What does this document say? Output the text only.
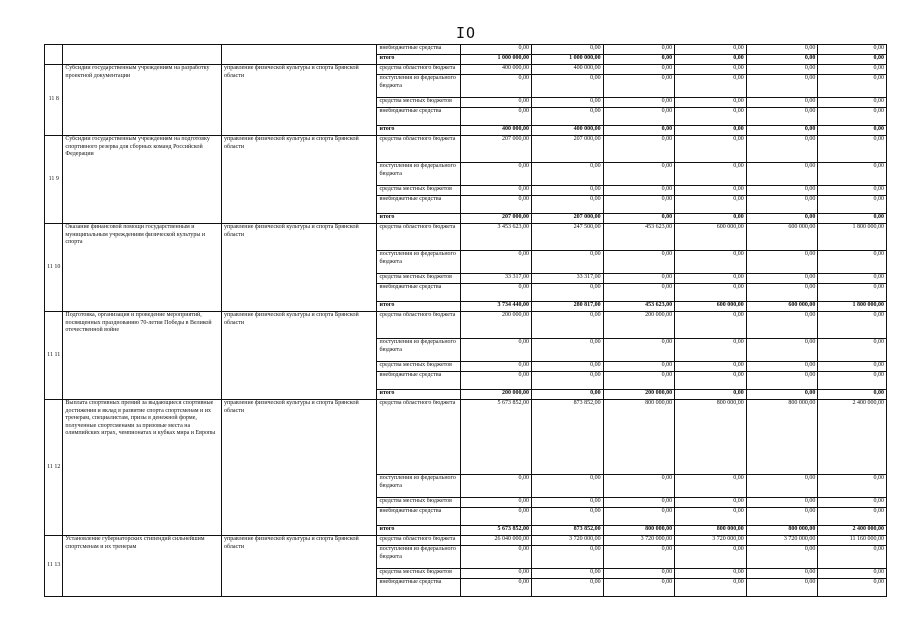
IO
			внебюджетные средства	0,00	0,00	0,00	0,00	0,00	0,00
			итого	1 000 000,00	1 000 000,00	0,00	0,00	0,00	0,00
11 8	Субсидии государственным учреждениям на разработку проектной документации	управление физической культуры и спорта Брянской области	средства областного бюджета	400 000,00	400 000,00	0,00	0,00	0,00	0,00
			поступления из федерального бюджета	0,00	0,00	0,00	0,00	0,00	0,00
			средства местных бюджетов	0,00	0,00	0,00	0,00	0,00	0,00
			внебюджетные средства	0,00	0,00	0,00	0,00	0,00	0,00
			итого	400 000,00	400 000,00	0,00	0,00	0,00	0,00
11 9	Субсидии государственным учреждениям на подготовку спортивного резерва для сборных команд Российской Федерации	управление физической культуры и спорта Брянской области	средства областного бюджета	207 000,00	207 000,00	0,00	0,00	0,00	0,00
			поступления из федерального бюджета	0,00	0,00	0,00	0,00	0,00	0,00
			средства местных бюджетов	0,00	0,00	0,00	0,00	0,00	0,00
			внебюджетные средства	0,00	0,00	0,00	0,00	0,00	0,00
			итого	207 000,00	207 000,00	0,00	0,00	0,00	0,00
11 10	Оказание финансовой помощи государственным и муниципальным учреждениям физической культуры и спорта	управление физической культуры и спорта Брянской области	средства областного бюджета	3 453 623,00	247 500,00	453 623,00	600 000,00	600 000,00	1 800 000,00
			поступления из федерального бюджета	0,00	0,00	0,00	0,00	0,00	0,00
			средства местных бюджетов	33 317,00	33 317,00	0,00	0,00	0,00	0,00
			внебюджетные средства	0,00	0,00	0,00	0,00	0,00	0,00
			итого	3 734 440,00	280 817,00	453 623,00	600 000,00	600 000,00	1 800 000,00
11 11	Подготовка, организация и проведение мероприятий, посвященных празднованию 70-летия Победы в Великой отечественной войне	управление физической культуры и спорта Брянской области	средства областного бюджета	200 000,00	0,00	200 000,00	0,00	0,00	0,00
			поступления из федерального бюджета	0,00	0,00	0,00	0,00	0,00	0,00
			средства местных бюджетов	0,00	0,00	0,00	0,00	0,00	0,00
			внебюджетные средства	0,00	0,00	0,00	0,00	0,00	0,00
			итого	200 000,00	0,00	200 000,00	0,00	0,00	0,00
11 12	Выплата спортивных премий за выдающиеся спортивные достижения и вклад в развитие спорта спортсменам и их тренерам, специалистам, призы в денежной форме, полученные спортсменами за призовые места на олимпийских играх, чемпионатах и кубках мира и Европы	управление физической культуры и спорта Брянской области	средства областного бюджета	5 673 852,00	873 852,00	800 000,00	800 000,00	800 000,00	2 400 000,00
			поступления из федерального бюджета	0,00	0,00	0,00	0,00	0,00	0,00
			средства местных бюджетов	0,00	0,00	0,00	0,00	0,00	0,00
			внебюджетные средства	0,00	0,00	0,00	0,00	0,00	0,00
			итого	5 673 852,00	873 852,00	800 000,00	800 000,00	800 000,00	2 400 000,00
11 13	Установление губернаторских стипендий сильнейшим спортсменам и их тренерам	управление физической культуры и спорта Брянской области	средства областного бюджета	26 040 000,00	3 720 000,00	3 720 000,00	3 720 000,00	3 720 000,00	11 160 000,00
			поступления из федерального бюджета	0,00	0,00	0,00	0,00	0,00	0,00
			средства местных бюджетов	0,00	0,00	0,00	0,00	0,00	0,00
			внебюджетные средства	0,00	0,00	0,00	0,00	0,00	0,00
